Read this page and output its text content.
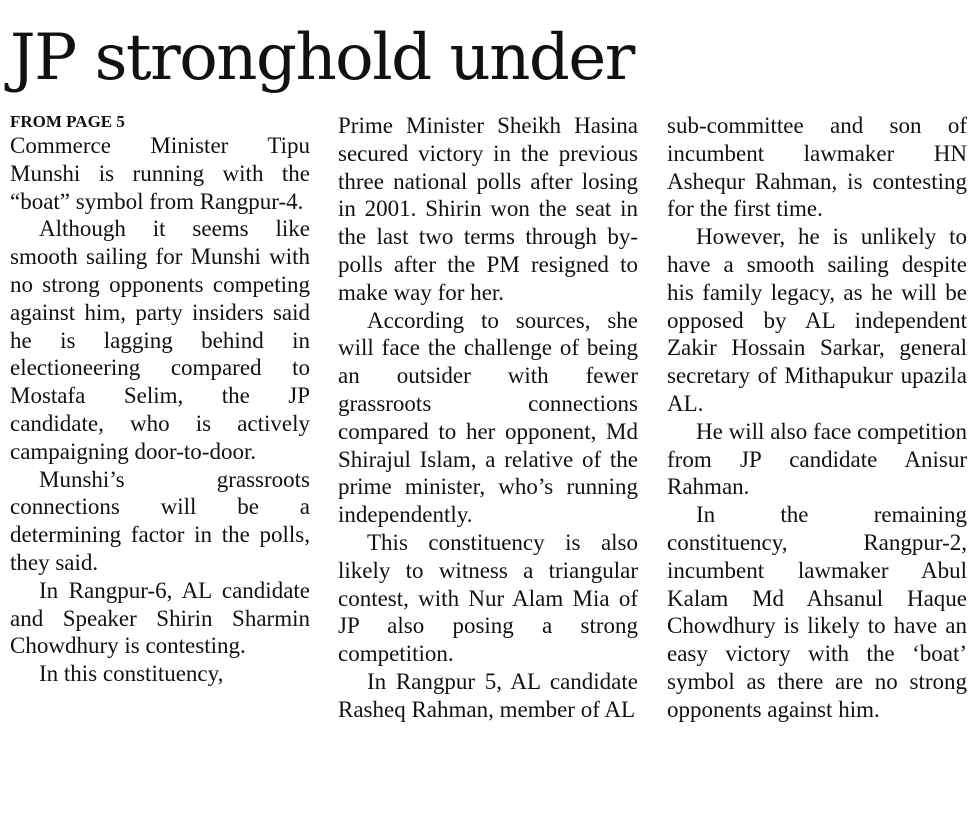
JP stronghold under
FROM PAGE 5

Commerce Minister Tipu Munshi is running with the “boat” symbol from Rangpur-4.

Although it seems like smooth sailing for Munshi with no strong opponents competing against him, party insiders said he is lagging behind in electioneering compared to Mostafa Selim, the JP candidate, who is actively campaigning door-to-door.

Munshi’s grassroots connections will be a determining factor in the polls, they said.

In Rangpur-6, AL candidate and Speaker Shirin Sharmin Chowdhury is contesting.

In this constituency,

Prime Minister Sheikh Hasina secured victory in the previous three national polls after losing in 2001. Shirin won the seat in the last two terms through by-polls after the PM resigned to make way for her.

According to sources, she will face the challenge of being an outsider with fewer grassroots connections compared to her opponent, Md Shirajul Islam, a relative of the prime minister, who’s running independently.

This constituency is also likely to witness a triangular contest, with Nur Alam Mia of JP also posing a strong competition.

In Rangpur 5, AL candidate Rasheq Rahman, member of AL

sub-committee and son of incumbent lawmaker HN Ashequr Rahman, is contesting for the first time.

However, he is unlikely to have a smooth sailing despite his family legacy, as he will be opposed by AL independent Zakir Hossain Sarkar, general secretary of Mithapukur upazila AL.

He will also face competition from JP candidate Anisur Rahman.

In the remaining constituency, Rangpur-2, incumbent lawmaker Abul Kalam Md Ahsanul Haque Chowdhury is likely to have an easy victory with the ‘boat’ symbol as there are no strong opponents against him.
